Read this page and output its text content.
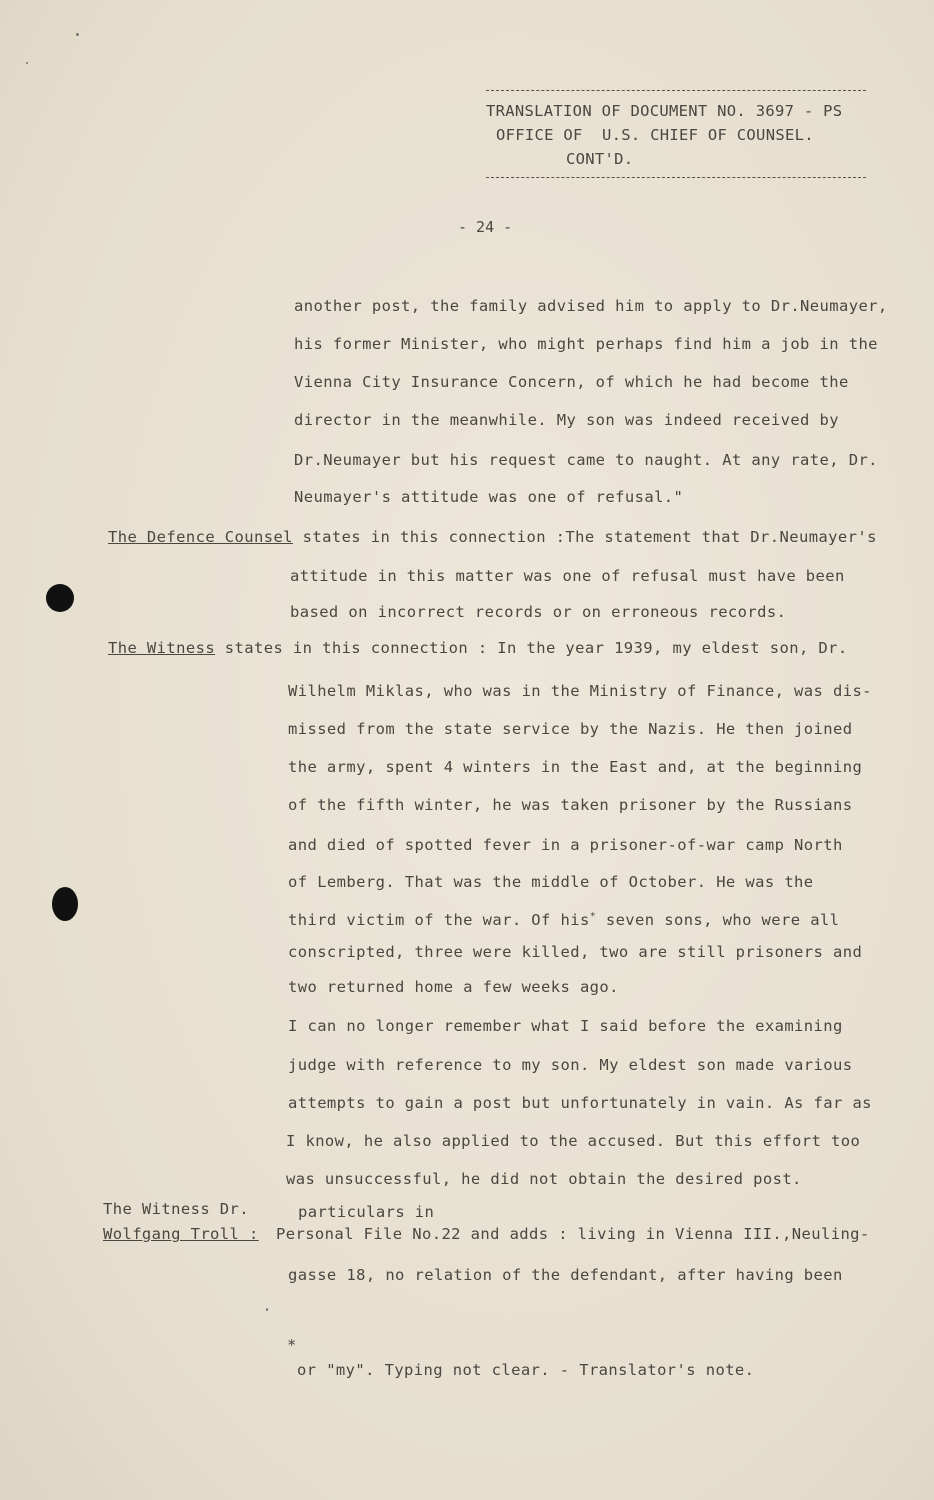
TRANSLATION OF DOCUMENT NO. 3697 - PS
OFFICE OF  U.S. CHIEF OF COUNSEL.
CONT'D.
- 24 -
another post, the family advised him to apply to Dr.Neumayer,
his former Minister, who might perhaps find him a job in the
Vienna City Insurance Concern, of which he had become the
director in the meanwhile. My son was indeed received by
Dr.Neumayer but his request came to naught. At any rate, Dr.
Neumayer's attitude was one of refusal."
The Defence Counsel states in this connection :The statement that Dr.Neumayer's
attitude in this matter was one of refusal must have been
based on incorrect records or on erroneous records.
The Witness states in this connection : In the year 1939, my eldest son, Dr.
Wilhelm Miklas, who was in the Ministry of Finance, was dis-
missed from the state service by the Nazis. He then joined
the army, spent 4 winters in the East and, at the beginning
of the fifth winter, he was taken prisoner by the Russians
and died of spotted fever in a prisoner-of-war camp North
of Lemberg. That was the middle of October. He was the
third victim of the war. Of his* seven sons, who were all
conscripted, three were killed, two are still prisoners and
two returned home a few weeks ago.
I can no longer remember what I said before the examining
judge with reference to my son. My eldest son made various
attempts to gain a post but unfortunately in vain. As far as
I know, he also applied to the accused. But this effort too
was unsuccessful, he did not obtain the desired post.
The Witness Dr.
Wolfgang Troll :
particulars in
Personal File No.22 and adds : living in Vienna III.,Neuling-
gasse 18, no relation of the defendant, after having been
*
or "my". Typing not clear. - Translator's note.
